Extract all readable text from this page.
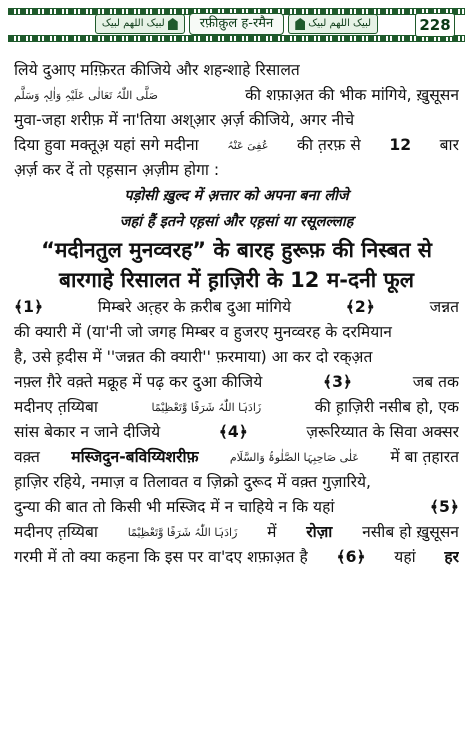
لبیک اللھم لبیک	रफ़ीक़ुल ह-रमैन	لبیک اللھم لبیک	228
लिये दुआए मग़्फ़िरत कीजिये और शहन्शाहे रिसालत
صَلَّی اللّٰہُ تَعَالٰی عَلَیْہِ وَاٰلِہٖ وَسَلَّم	की शफ़ाअ़त की भीक मांगिये, ख़ुसूसन
मुवा-जहा शरीफ़ में ना'तिया अश्आ़र अ़र्ज़ कीजिये, अगर नीचे
दिया हुवा मक्तूअ़ यहां सगे मदीना	عُفِیَ عَنْہُ की त़रफ़ से 12 बार
अ़र्ज़ कर दें तो एह़सान अ़ज़ीम होगा :
पड़ोसी ख़ुल्द में अ़त्तार को अपना बना लीजे
जहां हैं इतने एह़सां और एह़सां या रसूलल्लाह
“मदीनतुल मुनव्वरह” के बारह हुरूफ़ की निस्बत से
बारगाहे रिसालत में ह़ाज़िरी के 12 म-दनी फूल
﴾1﴿	मिम्बरे अत़्हर के क़रीब दुआ मांगिये	﴾2﴿	जन्नत
की क्यारी में (या'नी जो जगह मिम्बर व हुजरए मुनव्वरह के दरमियान
है, उसे ह़दीस में ''जन्नत की क्यारी'' फ़रमाया) आ कर दो रक्अ़त
नफ़्ल ग़ैरे वक़्ते मक्रूह में पढ़ कर दुआ कीजिये	﴾3﴿	जब तक
मदीनए त़य्यिबा	زَادَہَا اللّٰہُ شَرَفًا وَّتَعْظِیْمًا	की ह़ाज़िरी नसीब हो, एक
सांस बेकार न जाने दीजिये	﴾4﴿	ज़रूरिय्यात के सिवा अक्सर
वक़्त मस्जिदुन-बविय्यिशरीफ़	عَلٰی صَاحِبِہَا الصَّلٰوۃُ وَالسَّلَام में बा त़हारत
ह़ाज़िर रहिये, नमाज़ व तिलावत व ज़िक्रो दुरूद में वक़्त गुज़ारिये,
दुन्या की बात तो किसी भी मस्जिद में न चाहिये न कि यहां	﴾5﴿
मदीनए त़य्यिबा	زَادَہَا اللّٰہُ شَرَفًا وَّتَعْظِیْمًا में रोज़ा नसीब हो ख़ुसूसन
गरमी में तो क्या कहना कि इस पर वा'दए शफ़ाअ़त है ﴾6﴿ यहां हर
